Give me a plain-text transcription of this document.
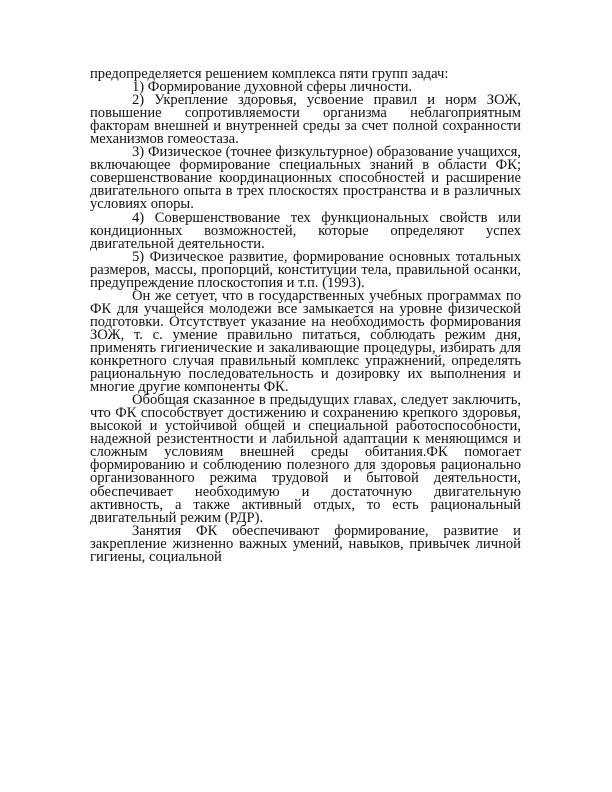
предопределяется решением комплекса пяти групп задач:

1) Формирование духовной сферы личности.

2) Укрепление здоровья, усвоение правил и норм ЗОЖ, повышение сопротивляемости организма неблагоприятным факторам внешней и внутренней среды за счет полной сохранности механизмов гомеостаза.

3) Физическое (точнее физкультурное) образование учащихся, включающее формирование специальных знаний в области ФК; совершенствование координационных способностей и расширение двигательного опыта в трех плоскостях пространства и в различных условиях опоры.

4) Совершенствование тех функциональных свойств или кондиционных возможностей, которые определяют успех двигательной деятельности.

5) Физическое развитие, формирование основных тотальных размеров, массы, пропорций, конституции тела, правильной осанки, предупреждение плоскостопия и т.п. (1993).

Он же сетует, что в государственных учебных программах по ФК для учащейся молодежи все замыкается на уровне физической подготовки. Отсутствует указание на необходимость формирования ЗОЖ, т. с. умение правильно питаться, соблюдать режим дня, применять гигиенические и закаливающие процедуры, избирать для конкретного случая правильный комплекс упражнений, определять рациональную последовательность и дозировку их выполнения и многие другие компоненты ФК.

Обобщая сказанное в предыдущих главах, следует заключить, что ФК способствует достижению и сохранению крепкого здоровья, высокой и устойчивой общей и специальной работоспособности, надежной резистентности и лабильной адаптации к меняющимся и сложным условиям внешней среды обитания.ФК помогает формированию и соблюдению полезного для здоровья рационально организованного режима трудовой и бытовой деятельности, обеспечивает необходимую и достаточную двигательную активность, а также активный отдых, то есть рациональный двигательный режим (РДР).

Занятия ФК обеспечивают формирование, развитие и закрепление жизненно важных умений, навыков, привычек личной гигиены, социальной
